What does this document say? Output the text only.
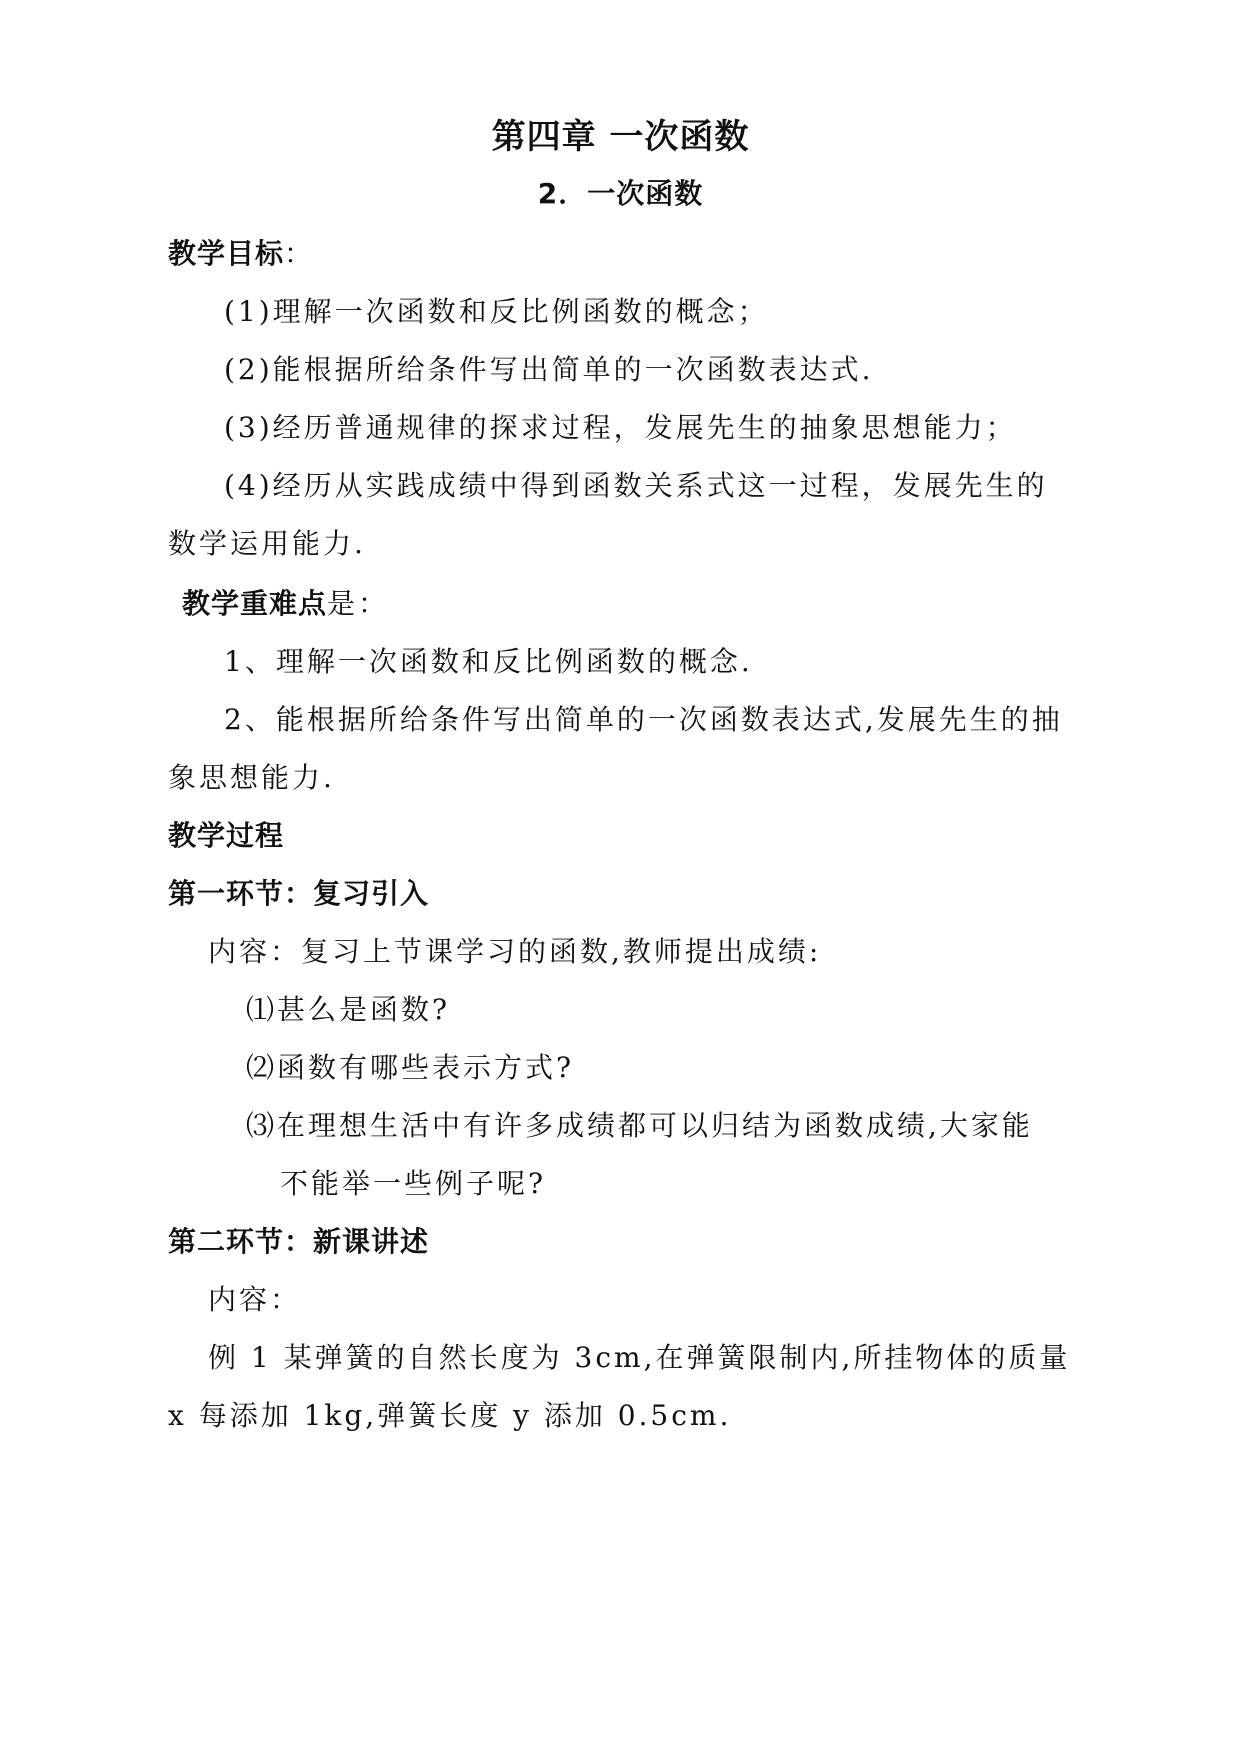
第四章 一次函数
2．一次函数
教学目标：
(1)理解一次函数和反比例函数的概念；
(2)能根据所给条件写出简单的一次函数表达式.
(3)经历普通规律的探求过程，发展先生的抽象思想能力；
(4)经历从实践成绩中得到函数关系式这一过程，发展先生的
数学运用能力.
教学重难点是：
1、理解一次函数和反比例函数的概念.
2、能根据所给条件写出简单的一次函数表达式,发展先生的抽
象思想能力.
教学过程
第一环节：复习引入
内容：复习上节课学习的函数,教师提出成绩:
⑴甚么是函数?
⑵函数有哪些表示方式?
⑶在理想生活中有许多成绩都可以归结为函数成绩,大家能
不能举一些例子呢?
第二环节：新课讲述
内容：
例 1 某弹簧的自然长度为 3cm,在弹簧限制内,所挂物体的质量
x 每添加 1kg,弹簧长度 y 添加 0.5cm.
